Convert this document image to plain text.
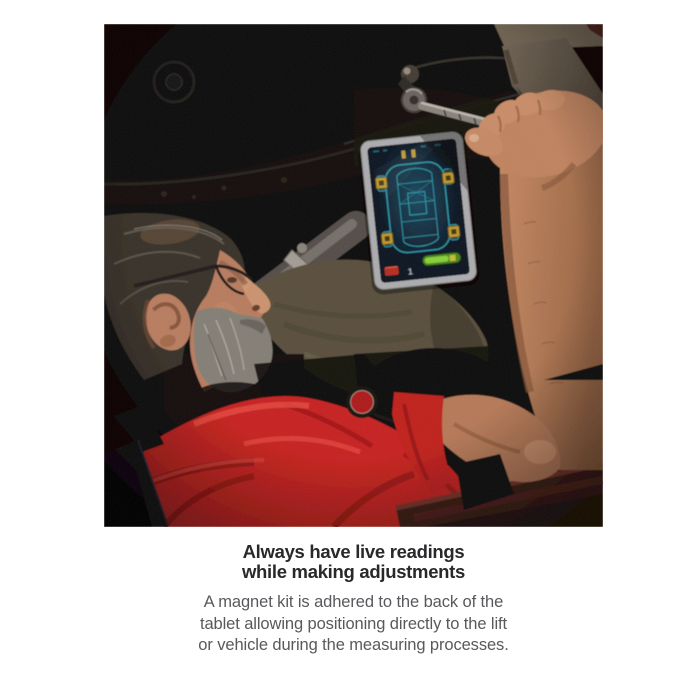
Always have live readings
while making adjustments
A magnet kit is adhered to the back of the
tablet allowing positioning directly to the lift
or vehicle during the measuring processes.
